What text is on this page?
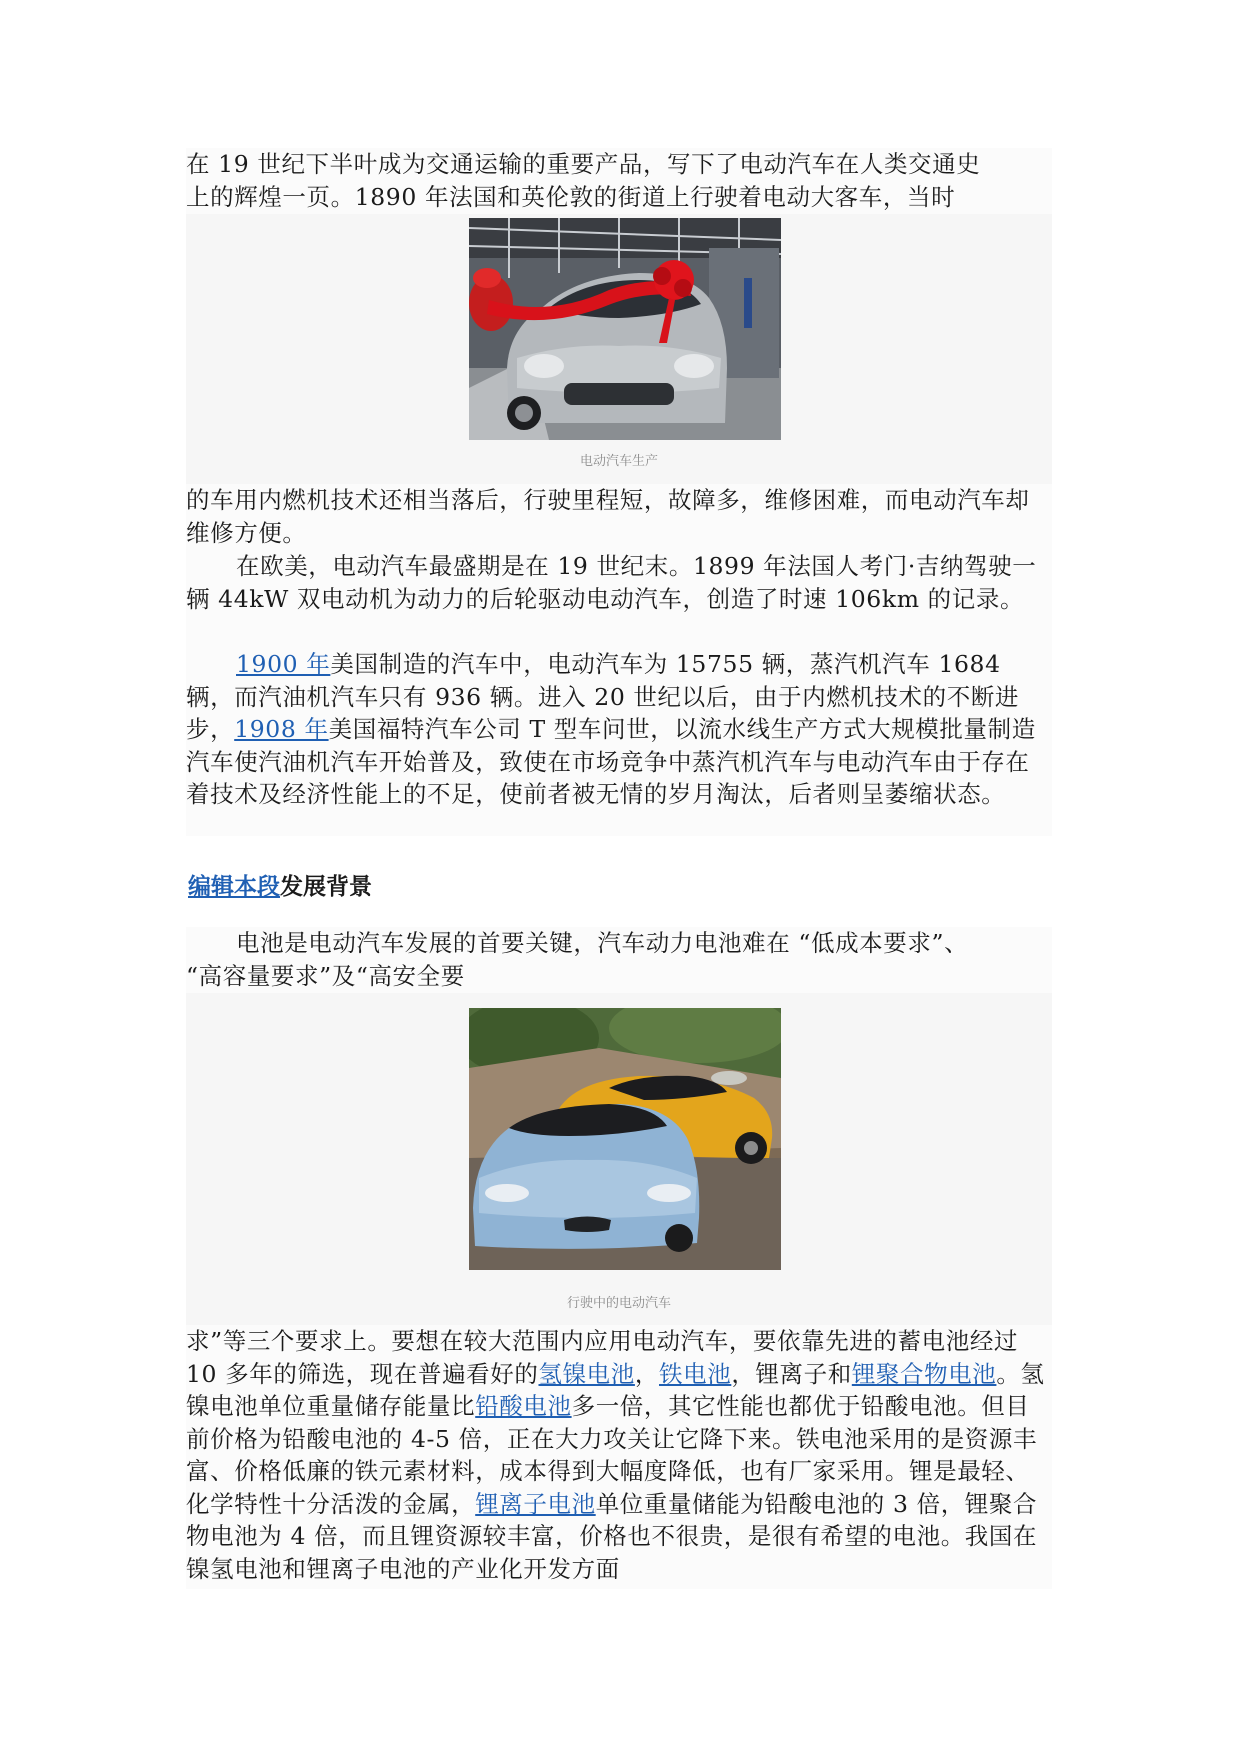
在 19 世纪下半叶成为交通运输的重要产品，写下了电动汽车在人类交通史

上的辉煌一页。1890 年法国和英伦敦的街道上行驶着电动大客车，当时

电动汽车生产

的车用内燃机技术还相当落后，行驶里程短，故障多，维修困难，而电动汽车却维修方便。

在欧美，电动汽车最盛期是在 19 世纪末。1899 年法国人考门·吉纳驾驶一辆 44kW 双电动机为动力的后轮驱动电动汽车，创造了时速 106km 的记录。

1900 年美国制造的汽车中，电动汽车为 15755 辆，蒸汽机汽车 1684 辆，而汽油机汽车只有 936 辆。进入 20 世纪以后，由于内燃机技术的不断进步，1908 年美国福特汽车公司 T 型车问世，以流水线生产方式大规模批量制造汽车使汽油机汽车开始普及，致使在市场竞争中蒸汽机汽车与电动汽车由于存在着技术及经济性能上的不足，使前者被无情的岁月淘汰，后者则呈萎缩状态。

编辑本段发展背景

电池是电动汽车发展的首要关键，汽车动力电池难在 “低成本要求”、

“高容量要求”及“高安全要

行驶中的电动汽车

求”等三个要求上。要想在较大范围内应用电动汽车，要依靠先进的蓄电池经过 10 多年的筛选，现在普遍看好的氢镍电池，铁电池，锂离子和锂聚合物电池。氢镍电池单位重量储存能量比铅酸电池多一倍，其它性能也都优于铅酸电池。但目前价格为铅酸电池的 4-5 倍，正在大力攻关让它降下来。铁电池采用的是资源丰富、价格低廉的铁元素材料，成本得到大幅度降低，也有厂家采用。锂是最轻、化学特性十分活泼的金属，锂离子电池单位重量储能为铅酸电池的 3 倍，锂聚合物电池为 4 倍，而且锂资源较丰富，价格也不很贵，是很有希望的电池。我国在镍氢电池和锂离子电池的产业化开发方面
